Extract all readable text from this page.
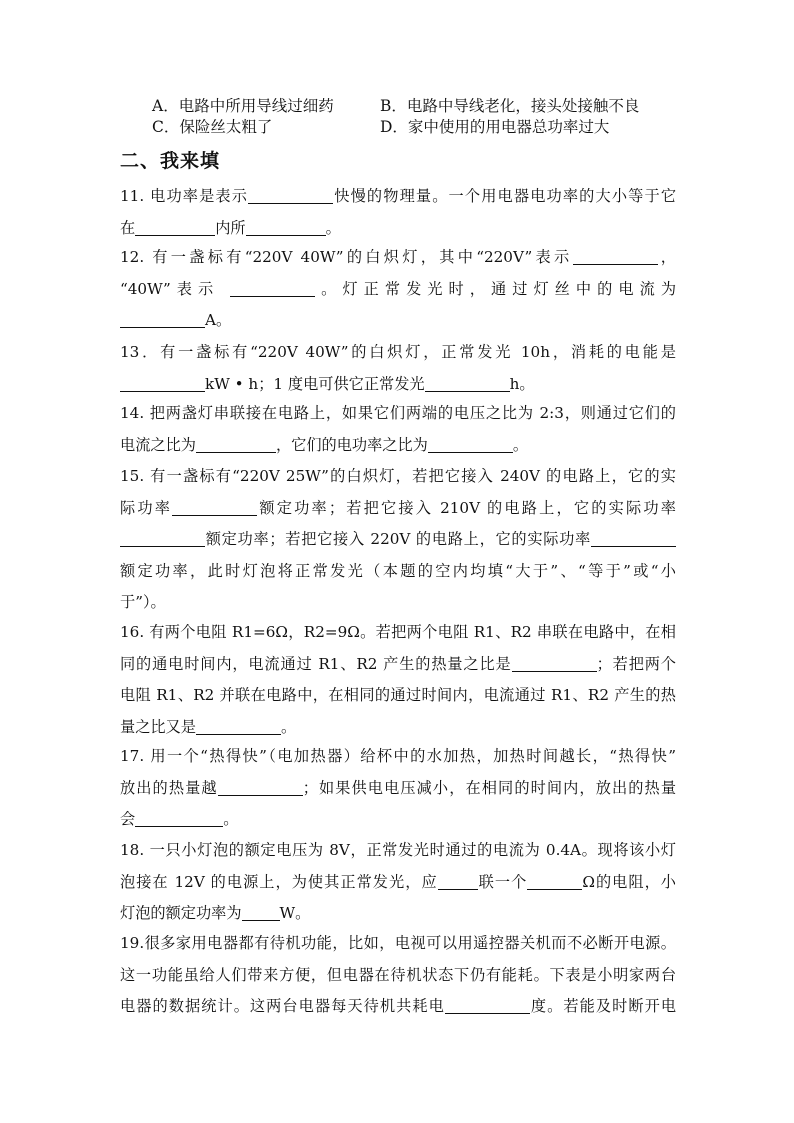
A．电路中所用导线过细药	B．电路中导线老化，接头处接触不良
C．保险丝太粗了	D．家中使用的用电器总功率过大
二、我来填
11. 电功率是表示	快慢的物理量。一个用电器电功率的大小等于它
在	内所	。
12. 有一盏标有“220V 40W”的白炽灯，其中“220V”表示	，
“40W”表示	。灯正常发光时，通过灯丝中的电流为
A。
13．有一盏标有“220V 40W”的白炽灯，正常发光 10h，消耗的电能是
kW • h；1 度电可供它正常发光	h。
14. 把两盏灯串联接在电路上，如果它们两端的电压之比为 2:3，则通过它们的
电流之比为	，它们的电功率之比为	。
15. 有一盏标有“220V 25W”的白炽灯，若把它接入 240V 的电路上，它的实
际功率	额定功率；若把它接入 210V 的电路上，它的实际功率
额定功率；若把它接入 220V 的电路上，它的实际功率
额定功率，此时灯泡将正常发光（本题的空内均填“大于”、“等于”或“小
于”）。
16. 有两个电阻 R1=6Ω，R2=9Ω。若把两个电阻 R1、R2 串联在电路中，在相
同的通电时间内，电流通过 R1、R2 产生的热量之比是	；若把两个
电阻 R1、R2 并联在电路中，在相同的通过时间内，电流通过 R1、R2 产生的热
量之比又是	。
17. 用一个“热得快”（电加热器）给杯中的水加热，加热时间越长，“热得快”
放出的热量越	；如果供电电压减小，在相同的时间内，放出的热量
会	。
18. 一只小灯泡的额定电压为 8V，正常发光时通过的电流为 0.4A。现将该小灯
泡接在 12V 的电源上，为使其正常发光，应	联一个	Ω的电阻，小
灯泡的额定功率为	W。
19.很多家用电器都有待机功能，比如，电视可以用遥控器关机而不必断开电源。
这一功能虽给人们带来方便，但电器在待机状态下仍有能耗。下表是小明家两台
电器的数据统计。这两台电器每天待机共耗电	度。若能及时断开电
